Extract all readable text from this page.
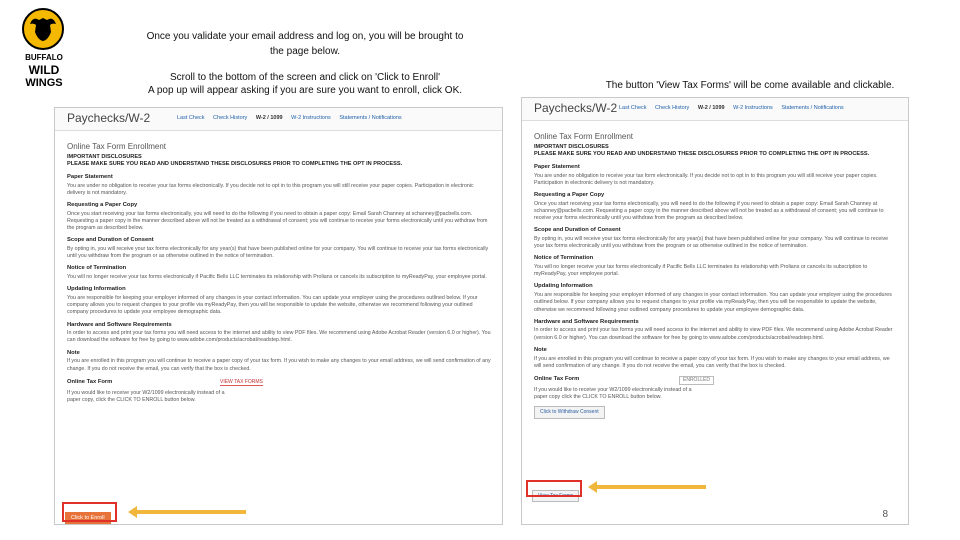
BUFFALO
WILD
WINGS
Once you validate your email address and log on, you will be brought to the page below.
Scroll to the bottom of the screen and click on 'Click to Enroll'
A pop up will appear asking if you are sure you want to enroll, click OK.	The button 'View Tax Forms' will be come available and clickable.
Paychecks/W-2	Last Check Check History W-2 / 1099 W-2 Instructions Statements / Notifications
Online Tax Form Enrollment
IMPORTANT DISCLOSURES
PLEASE MAKE SURE YOU READ AND UNDERSTAND THESE DISCLOSURES PRIOR TO COMPLETING THE OPT IN PROCESS.
Paper Statement

You are under no obligation to receive your tax forms electronically. If you decide not to opt in to this program you will still receive your paper copies. Participation in electronic delivery is not mandatory.

Requesting a Paper Copy

Once you start receiving your tax forms electronically, you will need to do the following if you need to obtain a paper copy: Email Sarah Channey at schanney@pacbells.com. Requesting a paper copy in the manner described above will not be treated as a withdrawal of consent; you will continue to receive your forms electronically until you withdraw from the program as described below.

Scope and Duration of Consent

By opting in, you will receive your tax forms electronically for any year(s) that have been published online for your company. You will continue to receive your tax forms electronically until you withdraw from the program or as otherwise outlined in the notice of termination.

Notice of Termination

You will no longer receive your tax forms electronically if Pacific Bells LLC terminates its relationship with Prolians or cancels its subscription to myReadyPay, your employee portal.

Updating Information

You are responsible for keeping your employer informed of any changes in your contact information. You can update your employer using the procedures outlined below. If your company allows you to request changes to your profile via myReadyPay, then you will be responsible to update the website, otherwise we recommend following your outlined company procedures to update your employee demographic data.

Hardware and Software Requirements

In order to access and print your tax forms you will need access to the internet and ability to view PDF files. We recommend using Adobe Acrobat Reader (version 6.0 or higher). You can download the software for free by going to www.adobe.com/products/acrobat/readstep.html.

Note

If you are enrolled in this program you will continue to receive a paper copy of your tax form. If you wish to make any changes to your email address, we will send confirmation of any change. If you do not receive the email, you can verify that the box is checked.

Online Tax Form	VIEW TAX FORMS

If you would like to receive your W2/1099 electronically instead of a paper copy, click the CLICK TO ENROLL button below.

Click to Enroll
Paychecks/W-2 Last Check Check History W-2 / 1099 W-2 Instructions Statements / Notifications
Online Tax Form Enrollment
IMPORTANT DISCLOSURES
PLEASE MAKE SURE YOU READ AND UNDERSTAND THESE DISCLOSURES PRIOR TO COMPLETING THE OPT IN PROCESS.
Paper Statement

You are under no obligation to receive your tax form electronically. If you decide not to opt in to this program you will still receive your paper copies. Participation in electronic delivery is not mandatory.

Requesting a Paper Copy

Once you start receiving your tax forms electronically, you will need to do the following if you need to obtain a paper copy: Email Sarah Channey at schanney@pacbells.com. Requesting a paper copy in the manner described above will not be treated as a withdrawal of consent; you will continue to receive your forms electronically until you withdraw from the program as described below.

Scope and Duration of Consent

By opting in, you will receive your tax forms electronically for any year(s) that have been published online for your company. You will continue to receive your tax forms electronically until you withdraw from the program or as otherwise outlined in the notice of termination.

Notice of Termination

You will no longer receive your tax forms electronically if Pacific Bells LLC terminates its relationship with Prolians or cancels its subscription to myReadyPay, your employee portal.

Updating Information

You are responsible for keeping your employer informed of any changes in your contact information. You can update your employer using the procedures outlined below. If your company allows you to request changes to your profile via myReadyPay, then you will be responsible to update the website, otherwise we recommend following your outlined company procedures to update your employee demographic data.

Hardware and Software Requirements

In order to access and print your tax forms you will need access to the internet and ability to view PDF files. We recommend using Adobe Acrobat Reader (version 6.0 or higher). You can download the software for free by going to www.adobe.com/products/acrobat/readstep.html.

Note

If you are enrolled in this program you will continue to receive a paper copy of your tax form. If you wish to make any changes to your email address, we will send confirmation of any change. If you do not receive the email, you can verify that the box is checked.

Online Tax Form	ENROLLED

If you would like to receive your W2/1099 electronically instead of a paper copy click the CLICK TO ENROLL button below.

Click to Withdraw Consent
View Tax Forms
8
